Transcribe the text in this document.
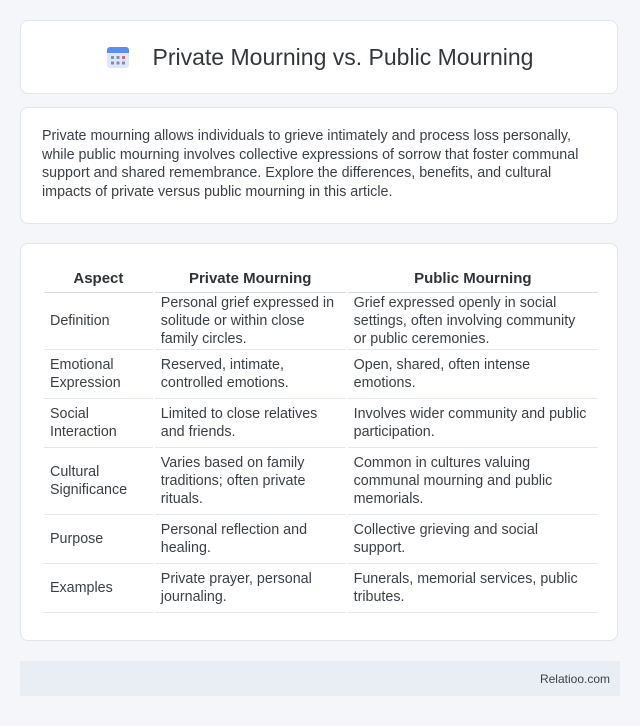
Private Mourning vs. Public Mourning

Private mourning allows individuals to grieve intimately and process loss personally, while public mourning involves collective expressions of sorrow that foster communal support and shared remembrance. Explore the differences, benefits, and cultural impacts of private versus public mourning in this article.

Aspect	Private Mourning	Public Mourning
Definition	Personal grief expressed in solitude or within close family circles.	Grief expressed openly in social settings, often involving community or public ceremonies.
Emotional Expression	Reserved, intimate, controlled emotions.	Open, shared, often intense emotions.
Social Interaction	Limited to close relatives and friends.	Involves wider community and public participation.
Cultural Significance	Varies based on family traditions; often private rituals.	Common in cultures valuing communal mourning and public memorials.
Purpose	Personal reflection and healing.	Collective grieving and social support.
Examples	Private prayer, personal journaling.	Funerals, memorial services, public tributes.
Relatioo.com
